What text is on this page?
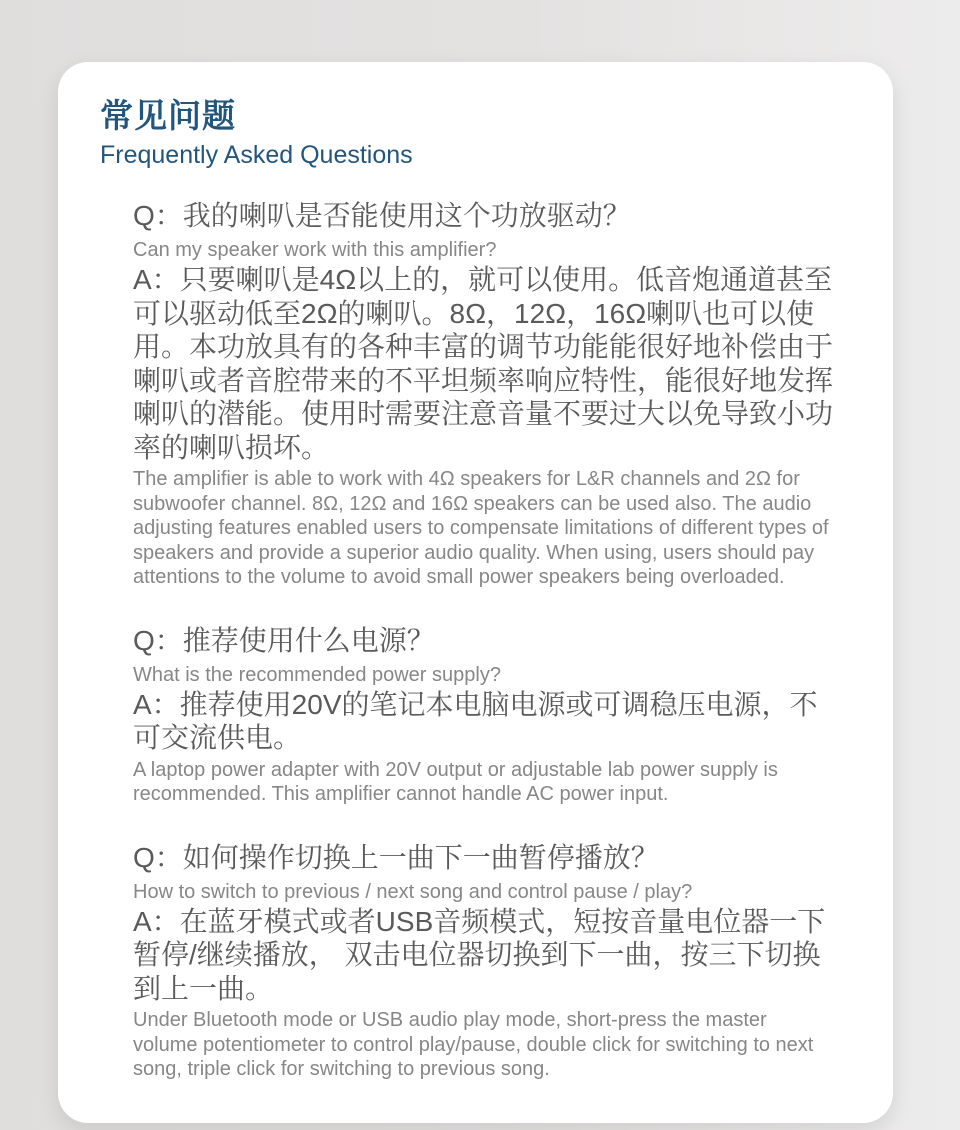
常见问题
Frequently Asked Questions
Q：我的喇叭是否能使用这个功放驱动？
Can my speaker work with this amplifier?
A：只要喇叭是4Ω以上的，就可以使用。低音炮通道甚至可以驱动低至2Ω的喇叭。8Ω，12Ω，16Ω喇叭也可以使用。本功放具有的各种丰富的调节功能能很好地补偿由于喇叭或者音腔带来的不平坦频率响应特性，能很好地发挥喇叭的潜能。使用时需要注意音量不要过大以免导致小功率的喇叭损坏。
The amplifier is able to work with 4Ω speakers for L&R channels and 2Ω for subwoofer channel. 8Ω, 12Ω and 16Ω speakers can be used also. The audio adjusting features enabled users to compensate limitations of different types of speakers and provide a superior audio quality. When using, users should pay attentions to the volume to avoid small power speakers being overloaded.
Q：推荐使用什么电源？
What is the recommended power supply?
A：推荐使用20V的笔记本电脑电源或可调稳压电源，不可交流供电。
A laptop power adapter with 20V output or adjustable lab power supply is recommended. This amplifier cannot handle AC power input.
Q：如何操作切换上一曲下一曲暂停播放？
How to switch to previous / next song and control pause / play?
A：在蓝牙模式或者USB音频模式，短按音量电位器一下 暂停/继续播放， 双击电位器切换到下一曲，按三下切换到上一曲。
Under Bluetooth mode or USB audio play mode, short-press the master volume potentiometer to control play/pause, double click for switching to next song, triple click for switching to previous song.
